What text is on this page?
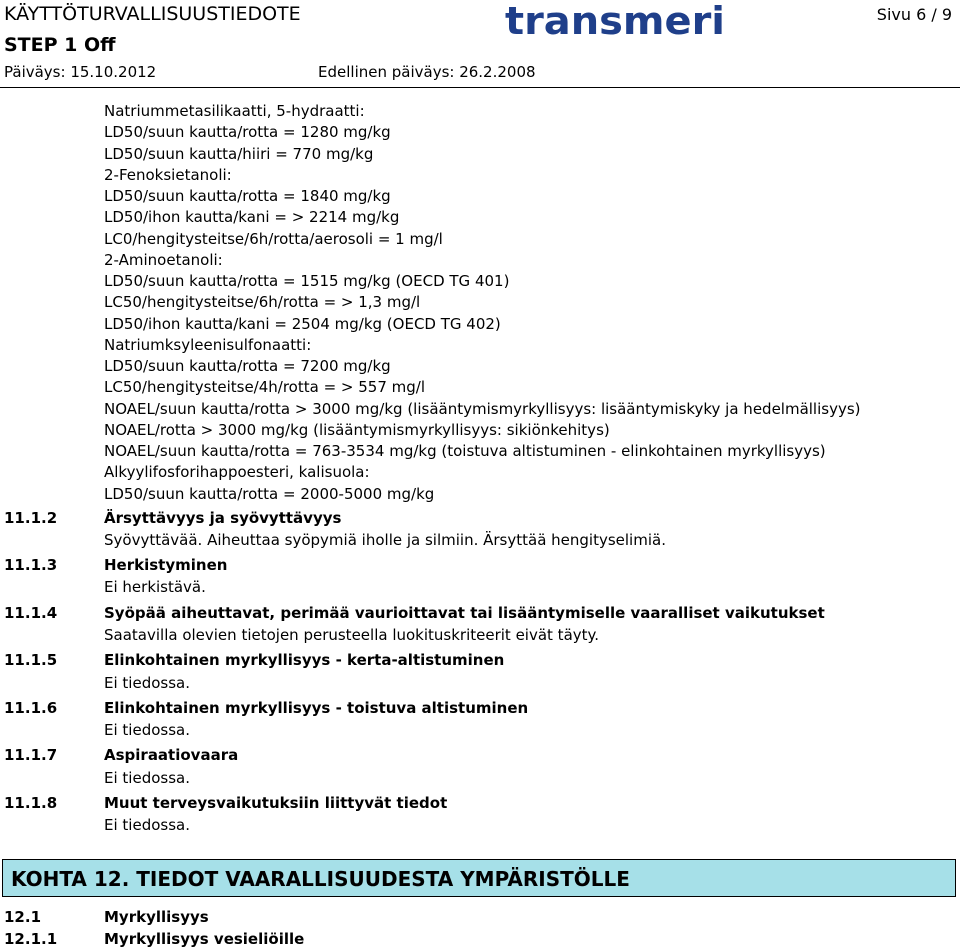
KÄYTTÖTURVALLISUUSTIEDOTE
STEP 1 Off
Päiväys: 15.10.2012	Edellinen päiväys: 26.2.2008
Sivu 6 / 9
transmeri
Natriummetasilikaatti, 5-hydraatti:
LD50/suun kautta/rotta = 1280 mg/kg
LD50/suun kautta/hiiri = 770 mg/kg
2-Fenoksietanoli:
LD50/suun kautta/rotta = 1840 mg/kg
LD50/ihon kautta/kani = > 2214 mg/kg
LC0/hengitysteitse/6h/rotta/aerosoli = 1 mg/l
2-Aminoetanoli:
LD50/suun kautta/rotta = 1515 mg/kg (OECD TG 401)
LC50/hengitysteitse/6h/rotta = > 1,3 mg/l
LD50/ihon kautta/kani = 2504 mg/kg (OECD TG 402)
Natriumksyleenisulfonaatti:
LD50/suun kautta/rotta = 7200 mg/kg
LC50/hengitysteitse/4h/rotta = > 557 mg/l
NOAEL/suun kautta/rotta > 3000 mg/kg (lisääntymismyrkyllisyys: lisääntymiskyky ja hedelmällisyys)
NOAEL/rotta > 3000 mg/kg (lisääntymismyrkyllisyys: sikiönkehitys)
NOAEL/suun kautta/rotta = 763-3534 mg/kg (toistuva altistuminen - elinkohtainen myrkyllisyys)
Alkyylifosforihappoesteri, kalisuola:
LD50/suun kautta/rotta = 2000-5000 mg/kg
11.1.2	Ärsyttävyys ja syövyttävyys
Syövyttävää. Aiheuttaa syöpymiä iholle ja silmiin. Ärsyttää hengityselimiä.
11.1.3	Herkistyminen
Ei herkistävä.
11.1.4	Syöpää aiheuttavat, perimää vaurioittavat tai lisääntymiselle vaaralliset vaikutukset
Saatavilla olevien tietojen perusteella luokituskriteerit eivät täyty.
11.1.5	Elinkohtainen myrkyllisyys - kerta-altistuminen
Ei tiedossa.
11.1.6	Elinkohtainen myrkyllisyys - toistuva altistuminen
Ei tiedossa.
11.1.7	Aspiraatiovaara
Ei tiedossa.
11.1.8	Muut terveysvaikutuksiin liittyvät tiedot
Ei tiedossa.
KOHTA 12. TIEDOT VAARALLISUUDESTA YMPÄRISTÖLLE
12.1	Myrkyllisyys
12.1.1	Myrkyllisyys vesieliöille
